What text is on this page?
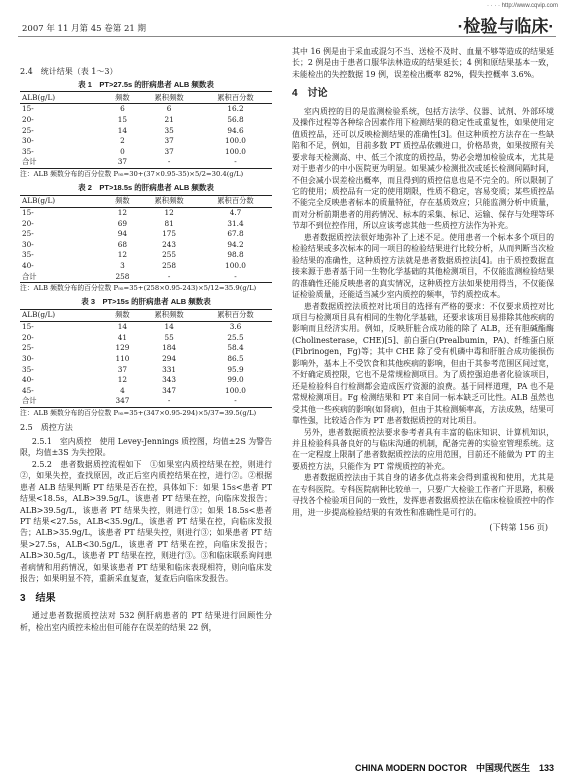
· · · · http://www.cqvip.com
2007 年 11 月第 45 卷第 21 期	·检验与临床·
2.4　统计结果（表 1～3）
表 1　PT>27.5s 的肝病患者 ALB 频数表
ALB(g/L)	频数	累积频数	累积百分数
15-	6	6	16.2
20-	15	21	56.8
25-	14	35	94.6
30-	2	37	100.0
35-	0	37	100.0
合计	37	-	-
注：ALB 频数分布的百分位数 P₉₅=30+(37×0.95-35)×5/2=30.4(g/L)
表 2　PT>18.5s 的肝病患者 ALB 频数表
ALB(g/L)	频数	累积频数	累积百分数
15-	12	12	4.7
20-	69	81	31.4
25-	94	175	67.8
30-	68	243	94.2
35-	12	255	98.8
40-	3	258	100.0
合计	258	-	-
注：ALB 频数分布的百分位数 P₉₅=35+(258×0.95-243)×5/12=35.9(g/L)
表 3　PT>15s 的肝病患者 ALB 频数表
ALB(g/L)	频数	累积频数	累积百分数
15-	14	14	3.6
20-	41	55	25.5
25-	129	184	58.4
30-	110	294	86.5
35-	37	331	95.9
40-	12	343	99.0
45-	4	347	100.0
合计	347	-	-
注：ALB 频数分布的百分位数 P₉₅=35+(347×0.95-294)×5/37=39.5(g/L)
2.5　质控方法

2.5.1　室内质控　使用 Levey-Jennings 质控图，均值±2S 为警告限，均值±3S 为失控限。

2.5.2　患者数据质控流程如下　①如果室内质控结果在控，则进行②，如果失控，查找原因，改正后室内质控结果在控，进行②。②根据患者 ALB 结果判断 PT 结果是否在控，具体如下：如果 15s<患者 PT 结果<18.5s，ALB>39.5g/L，该患者 PT 结果在控，向临床发报告；ALB>39.5g/L，该患者 PT 结果失控，则进行③；如果 18.5s<患者 PT 结果<27.5s，ALB<35.9g/L，该患者 PT 结果在控，向临床发报告；ALB>35.9g/L，该患者 PT 结果失控，则进行③；如果患者 PT 结果>27.5s，ALB<30.5g/L，该患者 PT 结果在控，向临床发报告；ALB>30.5g/L，该患者 PT 结果在控，则进行③。③和临床联系询问患者病情和用药情况，如果该患者 PT 结果和临床表现相符，则向临床发报告；如果明显不符，重新采血复查，复查后向临床发报告。

3　结果

通过患者数据质控法对 532 例肝病患者的 PT 结果进行回顾性分析，检出室内质控未检出但可能存在误差的结果 22 例，

其中 16 例是由于采血或混匀不当、送检不及时、血量不够等造成的结果延长；2 例是由于患者口服华法林造成的结果延长；4 例和原结果基本一致，未能检出的失控数据 19 例，误差检出概率 82%，假失控概率 3.6%。

4　讨论

室内质控的目的是监测检验系统，包括方法学、仪器、试剂、外部环境及操作过程等各种综合因素作用下检测结果的稳定性或重复性，如果使用定值质控品，还可以反映检测结果的准确性[3]。但这种质控方法存在一些缺陷和不足，例如，目前多数 PT 质控品依赖进口，价格昂贵，如果按照有关要求每天检测高、中、低三个浓度的质控品，势必会增加检验成本，尤其是对于患者少的中小医院更为明显。如果减少检测批次或延长检测间隔时间，不但会减小误差检出概率，而且得到的质控信息也是不完全的。所以限制了它的使用；质控品有一定的使用期限，性质不稳定，容易变质；某些质控品不能完全反映患者标本的质量特征，存在基质效应；只能监测分析中质量，而对分析前期患者的用药情况、标本的采集、标记、运输、保存与处理等环节却不到位控作用，所以应该考虑其他一些质控方法作为补充。

患者数据质控法很好地弥补了上述不足。使用患者一个标本多个项目的检验结果或多次标本的同一项目的检验结果进行比较分析，从而判断当次检验结果的准确性，这种质控方法就是患者数据质控法[4]。由于质控数据直接来源于患者基于同一生物化学基础的其他检测项目，不仅能监测检验结果的准确性还能反映患者的真实情况，这种质控方法如果使用得当，不仅能保证检验质量，还能适当减少室内质控的频率，节约质控成本。

患者数据质控法质控对比项目的选择有严格的要求：不仅要求质控对比项目与检测项目具有相同的生物化学基础，还要求该项目易排除其他疾病的影响而且经济实用。例如，反映肝脏合成功能的除了 ALB，还有胆碱酯酶(Cholinesterase，CHE)[5]、前白蛋白(Prealbumin，PA)、纤维蛋白原(Fibrinogen，Fg)等；其中 CHE 除了受有机磷中毒和肝脏合成功能损伤影响外，基本上不受饮食和其他疾病的影响，但由于其参考范围区间过宽，不好确定质控限，它也不是常规检测项目。为了质控强迫患者化验该项目，还是检验科自行检测都会造成医疗资源的浪费。基于同样道理，PA 也不是常规检测项目。Fg 检测结果和 PT 来自同一标本缺乏可比性。ALB 虽然也受其他一些疾病的影响(如肾病)，但由于其检测频率高，方法成熟，结果可靠性强，比较适合作为 PT 患者数据质控的对比项目。

另外，患者数据质控法要求参考者具有丰富的临床知识、计算机知识，并且检验科具备良好的与临床沟通的机制，配备完善的实验室管理系统。这在一定程度上限制了患者数据质控法的应用范围，目前还不能做为 PT 的主要质控方法，只能作为 PT 常规质控的补充。

患者数据质控法由于其自身的诸多优点将来会得到重视和使用，尤其是在专科医院。专科医院病种比较单一，只要广大检验工作者广开思路，积极寻找各个检验项目间的一致性，发挥患者数据质控法在临床检验质控中的作用，进一步提高检验结果的有效性和准确性是可行的。

(下转第 156 页)
CHINA MODERN DOCTOR　中国现代医生　133
